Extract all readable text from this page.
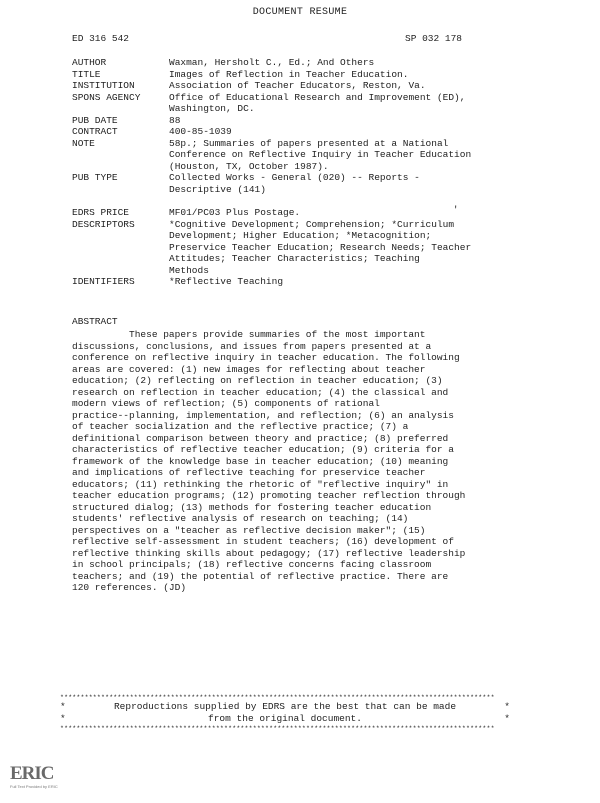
DOCUMENT RESUME
ED 316 542	SP 032 178
AUTHOR	Waxman, Hersholt C., Ed.; And Others
TITLE	Images of Reflection in Teacher Education.
INSTITUTION	Association of Teacher Educators, Reston, Va.
SPONS AGENCY	Office of Educational Research and Improvement (ED),
Washington, DC.
PUB DATE	88
CONTRACT	400-85-1039
NOTE	58p.; Summaries of papers presented at a National
Conference on Reflective Inquiry in Teacher Education
(Houston, TX, October 1987).
PUB TYPE	Collected Works - General (020) -- Reports -
Descriptive (141)
EDRS PRICE	MF01/PC03 Plus Postage.
DESCRIPTORS	*Cognitive Development; Comprehension; *Curriculum
Development; Higher Education; *Metacognition;
Preservice Teacher Education; Research Needs; Teacher
Attitudes; Teacher Characteristics; Teaching
Methods
IDENTIFIERS	*Reflective Teaching
'
ABSTRACT
These papers provide summaries of the most important
discussions, conclusions, and issues from papers presented at a
conference on reflective inquiry in teacher education. The following
areas are covered: (1) new images for reflecting about teacher
education; (2) reflecting on reflection in teacher education; (3)
research on reflection in teacher education; (4) the classical and
modern views of reflection; (5) components of rational
practice--planning, implementation, and reflection; (6) an analysis
of teacher socialization and the reflective practice; (7) a
definitional comparison between theory and practice; (8) preferred
characteristics of reflective teacher education; (9) criteria for a
framework of the knowledge base in teacher education; (10) meaning
and implications of reflective teaching for preservice teacher
educators; (11) rethinking the rhetoric of "reflective inquiry" in
teacher education programs; (12) promoting teacher reflection through
structured dialog; (13) methods for fostering teacher education
students' reflective analysis of research on teaching; (14)
perspectives on a "teacher as reflective decision maker"; (15)
reflective self-assessment in student teachers; (16) development of
reflective thinking skills about pedagogy; (17) reflective leadership
in school principals; (18) reflective concerns facing classroom
teachers; and (19) the potential of reflective practice. There are
120 references. (JD)
**********************************************************************************************************
*	Reproductions supplied by EDRS are the best that can be made	*
*	from the original document.	*
**********************************************************************************************************
ERIC
Full Text Provided by ERIC
